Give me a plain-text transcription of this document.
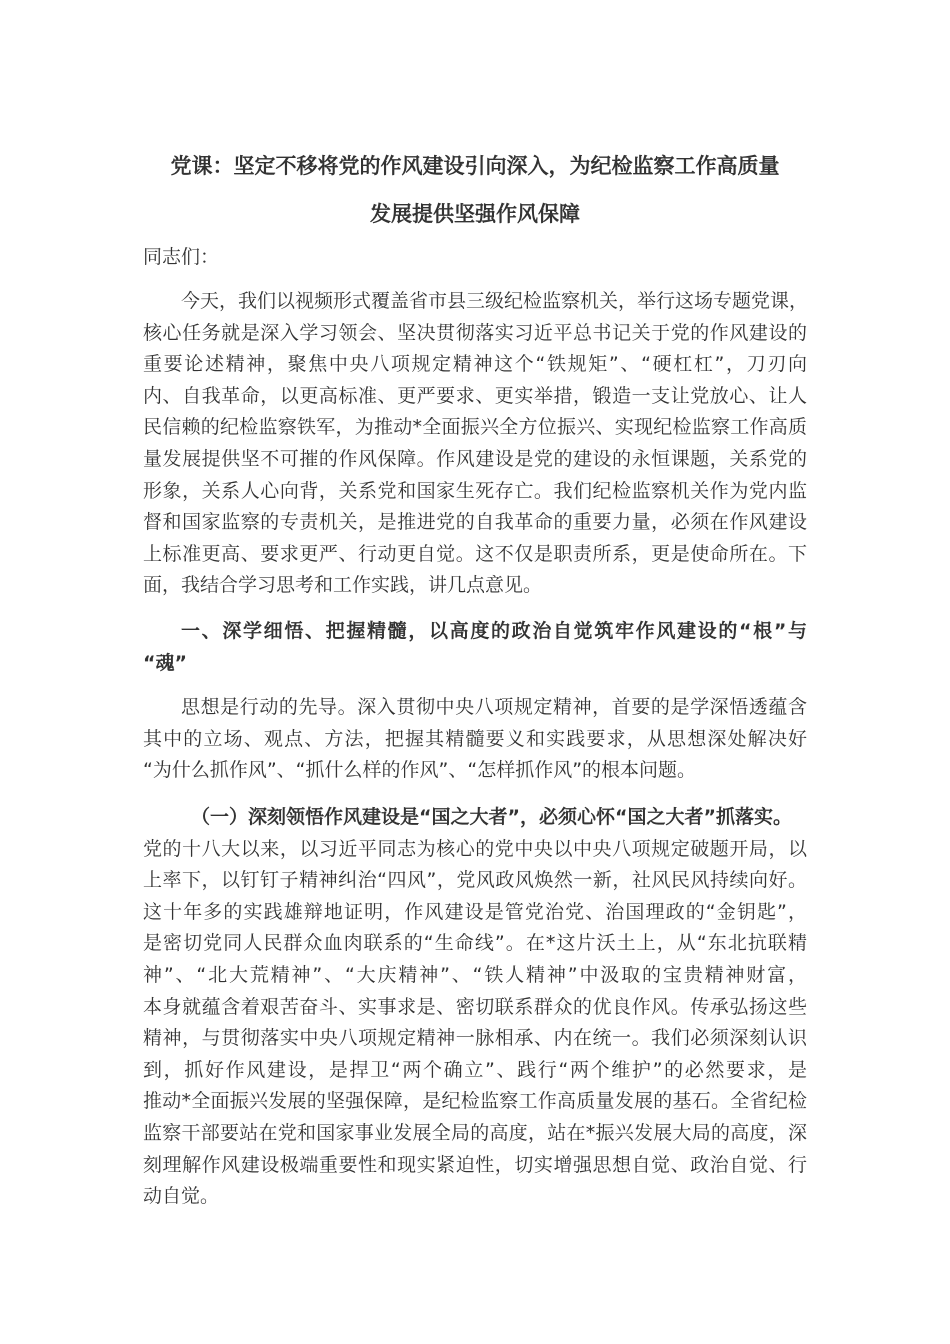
党课：坚定不移将党的作风建设引向深入，为纪检监察工作高质量
发展提供坚强作风保障
同志们：
今天，我们以视频形式覆盖省市县三级纪检监察机关，举行这场专题党课，
核心任务就是深入学习领会、坚决贯彻落实习近平总书记关于党的作风建设的
重要论述精神，聚焦中央八项规定精神这个“铁规矩”、“硬杠杠”，刀刃向
内、自我革命，以更高标准、更严要求、更实举措，锻造一支让党放心、让人
民信赖的纪检监察铁军，为推动*全面振兴全方位振兴、实现纪检监察工作高质
量发展提供坚不可摧的作风保障。作风建设是党的建设的永恒课题，关系党的
形象，关系人心向背，关系党和国家生死存亡。我们纪检监察机关作为党内监
督和国家监察的专责机关，是推进党的自我革命的重要力量，必须在作风建设
上标准更高、要求更严、行动更自觉。这不仅是职责所系，更是使命所在。下
面，我结合学习思考和工作实践，讲几点意见。
一、深学细悟、把握精髓，以高度的政治自觉筑牢作风建设的“根”与
“魂”
思想是行动的先导。深入贯彻中央八项规定精神，首要的是学深悟透蕴含
其中的立场、观点、方法，把握其精髓要义和实践要求，从思想深处解决好
“为什么抓作风”、“抓什么样的作风”、“怎样抓作风”的根本问题。
（一）深刻领悟作风建设是“国之大者”，必须心怀“国之大者”抓落实。
党的十八大以来，以习近平同志为核心的党中央以中央八项规定破题开局，以
上率下，以钉钉子精神纠治“四风”，党风政风焕然一新，社风民风持续向好。
这十年多的实践雄辩地证明，作风建设是管党治党、治国理政的“金钥匙”，
是密切党同人民群众血肉联系的“生命线”。在*这片沃土上，从“东北抗联精
神”、“北大荒精神”、“大庆精神”、“铁人精神”中汲取的宝贵精神财富，
本身就蕴含着艰苦奋斗、实事求是、密切联系群众的优良作风。传承弘扬这些
精神，与贯彻落实中央八项规定精神一脉相承、内在统一。我们必须深刻认识
到，抓好作风建设，是捍卫“两个确立”、践行“两个维护”的必然要求，是
推动*全面振兴发展的坚强保障，是纪检监察工作高质量发展的基石。全省纪检
监察干部要站在党和国家事业发展全局的高度，站在*振兴发展大局的高度，深
刻理解作风建设极端重要性和现实紧迫性，切实增强思想自觉、政治自觉、行
动自觉。
